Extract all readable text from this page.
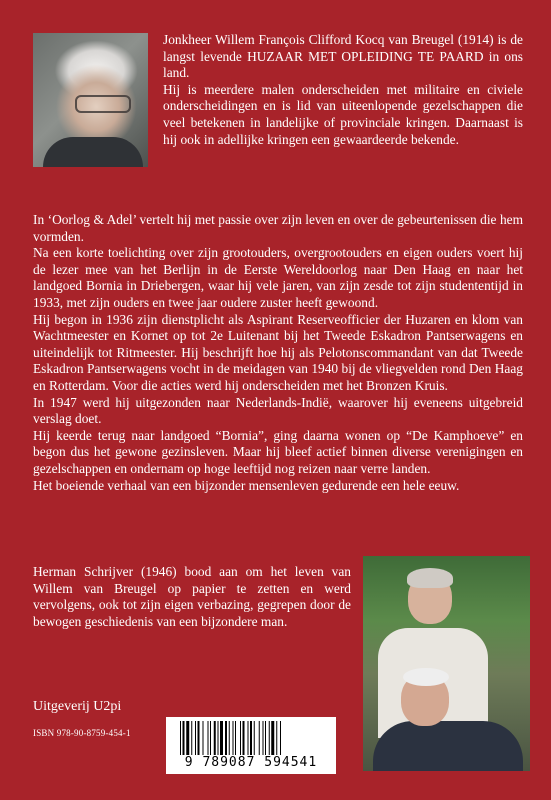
Jonkheer Willem François Clifford Kocq van Breugel (1914) is de langst levende HUZAAR MET OPLEIDING TE PAARD in ons land.

Hij is meerdere malen onderscheiden met militaire en civiele onderscheidingen en is lid van uiteenlopende gezelschappen die veel betekenen in landelijke of provinciale kringen. Daarnaast is hij ook in adellijke kringen een gewaardeerde bekende.

In ‘Oorlog & Adel’ vertelt hij met passie over zijn leven en over de gebeurtenissen die hem vormden.

Na een korte toelichting over zijn grootouders, overgrootouders en eigen ouders voert hij de lezer mee van het Berlijn in de Eerste Wereldoorlog naar Den Haag en naar het landgoed Bornia in Driebergen, waar hij vele jaren, van zijn zesde tot zijn studententijd in 1933, met zijn ouders en twee jaar oudere zuster heeft gewoond.

Hij begon in 1936 zijn dienstplicht als Aspirant Reserveofficier der Huzaren en klom van Wachtmeester en Kornet op tot 2e Luitenant bij het Tweede Eskadron Pantserwagens en uiteindelijk tot Ritmeester. Hij beschrijft hoe hij als Pelotonscommandant van dat Tweede Eskadron Pantserwagens vocht in de meidagen van 1940 bij de vliegvelden rond Den Haag en Rotterdam. Voor die acties werd hij onderscheiden met het Bronzen Kruis.

In 1947 werd hij uitgezonden naar Nederlands-Indië, waarover hij eveneens uitgebreid verslag doet.

Hij keerde terug naar landgoed “Bornia”, ging daarna wonen op “De Kamphoeve” en begon dus het gewone gezinsleven. Maar hij bleef actief binnen diverse verenigingen en gezelschappen en ondernam op hoge leeftijd nog reizen naar verre landen.

Het boeiende verhaal van een bijzonder mensenleven gedurende een hele eeuw.

Herman Schrijver (1946) bood aan om het leven van Willem van Breugel op papier te zetten en werd vervolgens, ook tot zijn eigen verbazing, gegrepen door de bewogen geschiedenis van een bijzondere man.

Uitgeverij U2pi
ISBN 978-90-8759-454-1
9 789087 594541
